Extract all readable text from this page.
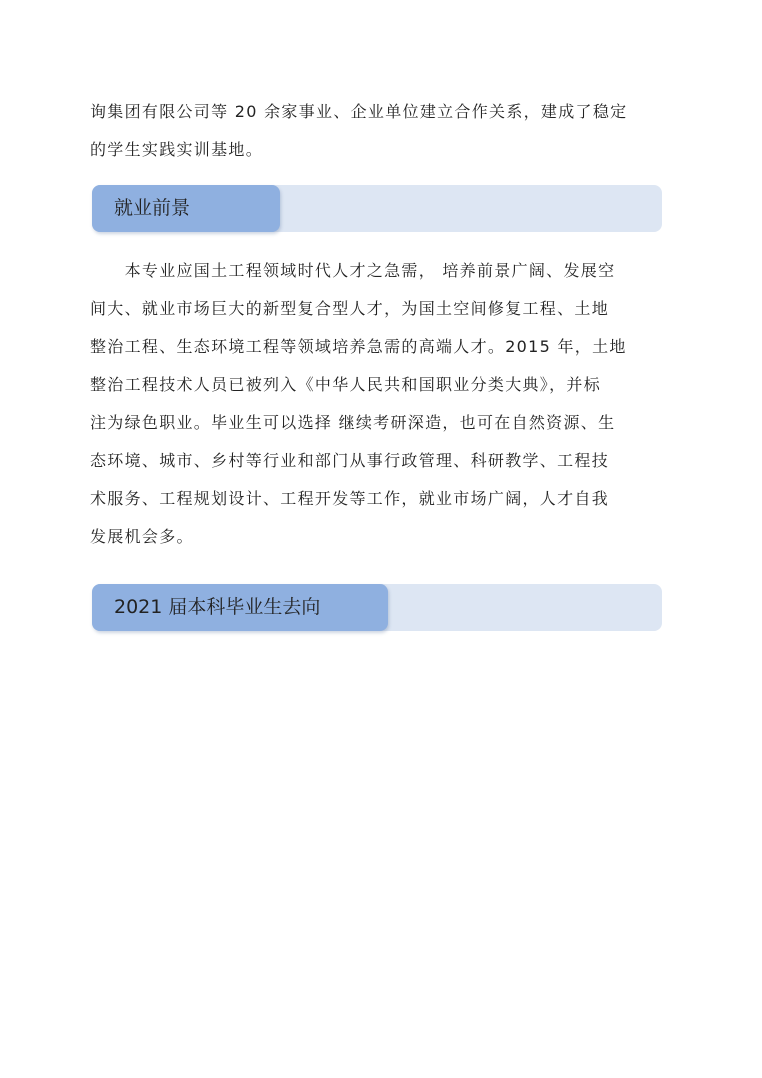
询集团有限公司等 20 余家事业、企业单位建立合作关系，建成了稳定
的学生实践实训基地。

就业前景

　　本专业应国土工程领域时代人才之急需， 培养前景广阔、发展空
间大、就业市场巨大的新型复合型人才，为国土空间修复工程、土地
整治工程、生态环境工程等领域培养急需的高端人才。2015 年，土地
整治工程技术人员已被列入《中华人民共和国职业分类大典》，并标
注为绿色职业。毕业生可以选择 继续考研深造，也可在自然资源、生
态环境、城市、乡村等行业和部门从事行政管理、科研教学、工程技
术服务、工程规划设计、工程开发等工作，就业市场广阔，人才自我
发展机会多。

2021 届本科毕业生去向
